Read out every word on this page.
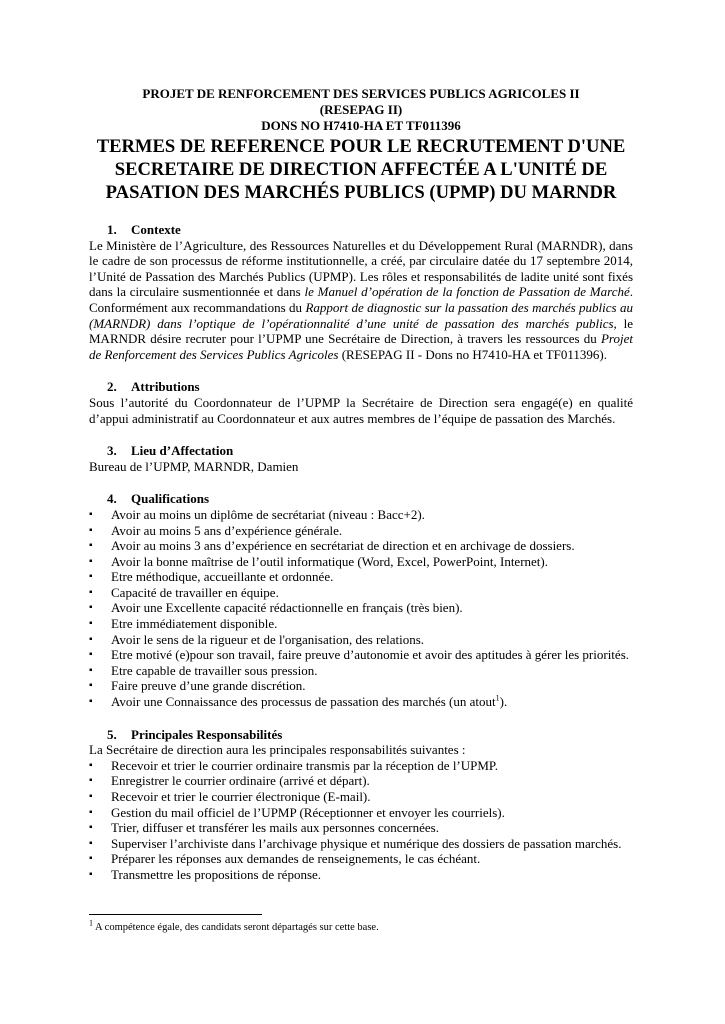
PROJET DE RENFORCEMENT DES SERVICES PUBLICS AGRICOLES II
(RESEPAG II)
DONS NO H7410-HA ET TF011396
TERMES DE REFERENCE POUR LE RECRUTEMENT D'UNE
SECRETAIRE DE DIRECTION AFFECTÉE A L'UNITÉ DE
PASATION DES MARCHÉS PUBLICS (UPMP) DU MARNDR
1. Contexte
Le Ministère de l’Agriculture, des Ressources Naturelles et du Développement Rural (MARNDR), dans le cadre de son processus de réforme institutionnelle, a créé, par circulaire datée du 17 septembre 2014, l’Unité de Passation des Marchés Publics (UPMP). Les rôles et responsabilités de ladite unité sont fixés dans la circulaire susmentionnée et dans le Manuel d’opération de la fonction de Passation de Marché. Conformément aux recommandations du Rapport de diagnostic sur la passation des marchés publics au (MARNDR) dans l’optique de l’opérationnalité d’une unité de passation des marchés publics, le MARNDR désire recruter pour l’UPMP une Secrétaire de Direction, à travers les ressources du Projet de Renforcement des Services Publics Agricoles (RESEPAG II - Dons no H7410-HA et TF011396).
2. Attributions
Sous l’autorité du Coordonnateur de l’UPMP la Secrétaire de Direction sera engagé(e) en qualité d’appui administratif au Coordonnateur et aux autres membres de l’équipe de passation des Marchés.
3. Lieu d’Affectation
Bureau de l’UPMP, MARNDR, Damien
4. Qualifications
▪ Avoir au moins un diplôme de secrétariat (niveau : Bacc+2).
▪ Avoir au moins 5 ans d’expérience générale.
▪ Avoir au moins 3 ans d’expérience en secrétariat de direction et en archivage de dossiers.
▪ Avoir la bonne maîtrise de l’outil informatique (Word, Excel, PowerPoint, Internet).
▪ Etre méthodique, accueillante et ordonnée.
▪ Capacité de travailler en équipe.
▪ Avoir une Excellente capacité rédactionnelle en français (très bien).
▪ Etre immédiatement disponible.
▪ Avoir le sens de la rigueur et de l'organisation, des relations.
▪ Etre motivé (e)pour son travail, faire preuve d’autonomie et avoir des aptitudes à gérer les priorités.
▪ Etre capable de travailler sous pression.
▪ Faire preuve d’une grande discrétion.
▪ Avoir une Connaissance des processus de passation des marchés (un atout$^1$).
5. Principales Responsabilités
La Secrétaire de direction aura les principales responsabilités suivantes :
▪ Recevoir et trier le courrier ordinaire transmis par la réception de l’UPMP.
▪ Enregistrer le courrier ordinaire (arrivé et départ).
▪ Recevoir et trier le courrier électronique (E-mail).
▪ Gestion du mail officiel de l’UPMP (Réceptionner et envoyer les courriels).
▪ Trier, diffuser et transférer les mails aux personnes concernées.
▪ Superviser l’archiviste dans l’archivage physique et numérique des dossiers de passation marchés.
▪ Préparer les réponses aux demandes de renseignements, le cas échéant.
▪ Transmettre les propositions de réponse.
$^1$ A compétence égale, des candidats seront départagés sur cette base.
